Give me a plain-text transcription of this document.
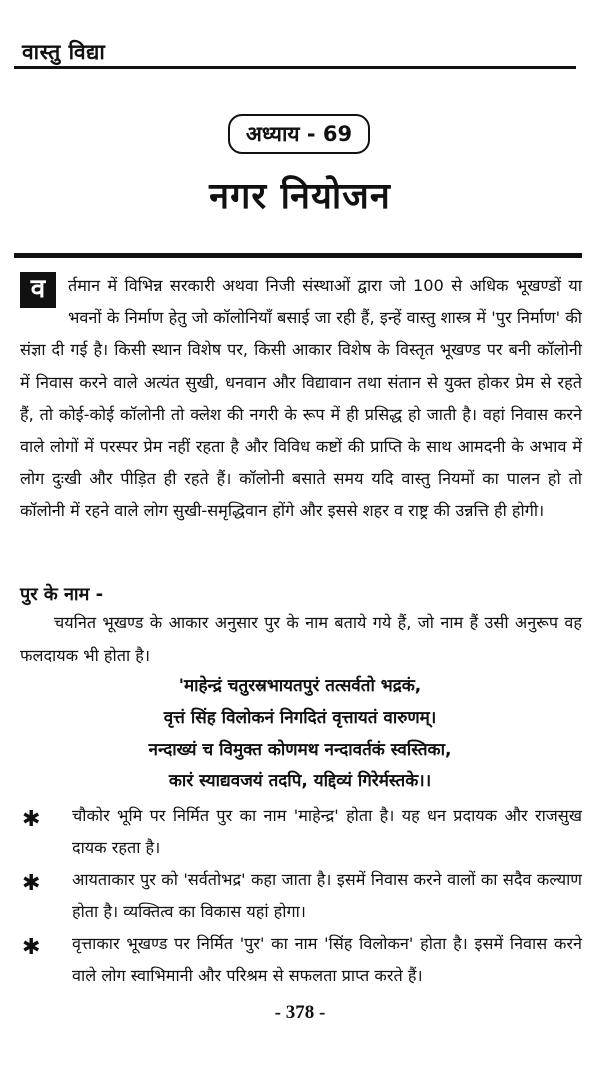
वास्तु विद्या
अध्याय - 69
नगर नियोजन
व	र्तमान में विभिन्न सरकारी अथवा निजी संस्थाओं द्वारा जो 100 से अधिक भूखण्डों या भवनों के निर्माण हेतु जो कॉलोनियाँ बसाई जा रही हैं, इन्हें वास्तु शास्त्र में 'पुर निर्माण' की संज्ञा दी गई है। किसी स्थान विशेष पर, किसी आकार विशेष के विस्तृत भूखण्ड पर बनी कॉलोनी में निवास करने वाले अत्यंत सुखी, धनवान और विद्यावान तथा संतान से युक्त होकर प्रेम से रहते हैं, तो कोई-कोई कॉलोनी तो क्लेश की नगरी के रूप में ही प्रसिद्ध हो जाती है। वहां निवास करने वाले लोगों में परस्पर प्रेम नहीं रहता है और विविध कष्टों की प्राप्ति के साथ आमदनी के अभाव में लोग दुःखी और पीड़ित ही रहते हैं। कॉलोनी बसाते समय यदि वास्तु नियमों का पालन हो तो कॉलोनी में रहने वाले लोग सुखी-समृद्धिवान होंगे और इससे शहर व राष्ट्र की उन्नत्ति ही होगी।
पुर के नाम -
चयनित भूखण्ड के आकार अनुसार पुर के नाम बताये गये हैं, जो नाम हैं उसी अनुरूप वह फलदायक भी होता है।
'माहेन्द्रं चतुरस्रभायतपुरं तत्सर्वतो भद्रकं,
वृत्तं सिंह विलोकनं निगदितं वृत्तायतं वारुणम्।
नन्दाख्यं च विमुक्त कोणमथ नन्दावर्तकं स्वस्तिका,
कारं स्याद्यवजयं तदपि, यद्दिव्यं गिरेर्मस्तके।।
✱ चौकोर भूमि पर निर्मित पुर का नाम 'माहेन्द्र' होता है। यह धन प्रदायक और राजसुख दायक रहता है।
✱ आयताकार पुर को 'सर्वतोभद्र' कहा जाता है। इसमें निवास करने वालों का सदैव कल्याण होता है। व्यक्तित्व का विकास यहां होगा।
✱ वृत्ताकार भूखण्ड पर निर्मित 'पुर' का नाम 'सिंह विलोकन' होता है। इसमें निवास करने वाले लोग स्वाभिमानी और परिश्रम से सफलता प्राप्त करते हैं।
- 378 -
